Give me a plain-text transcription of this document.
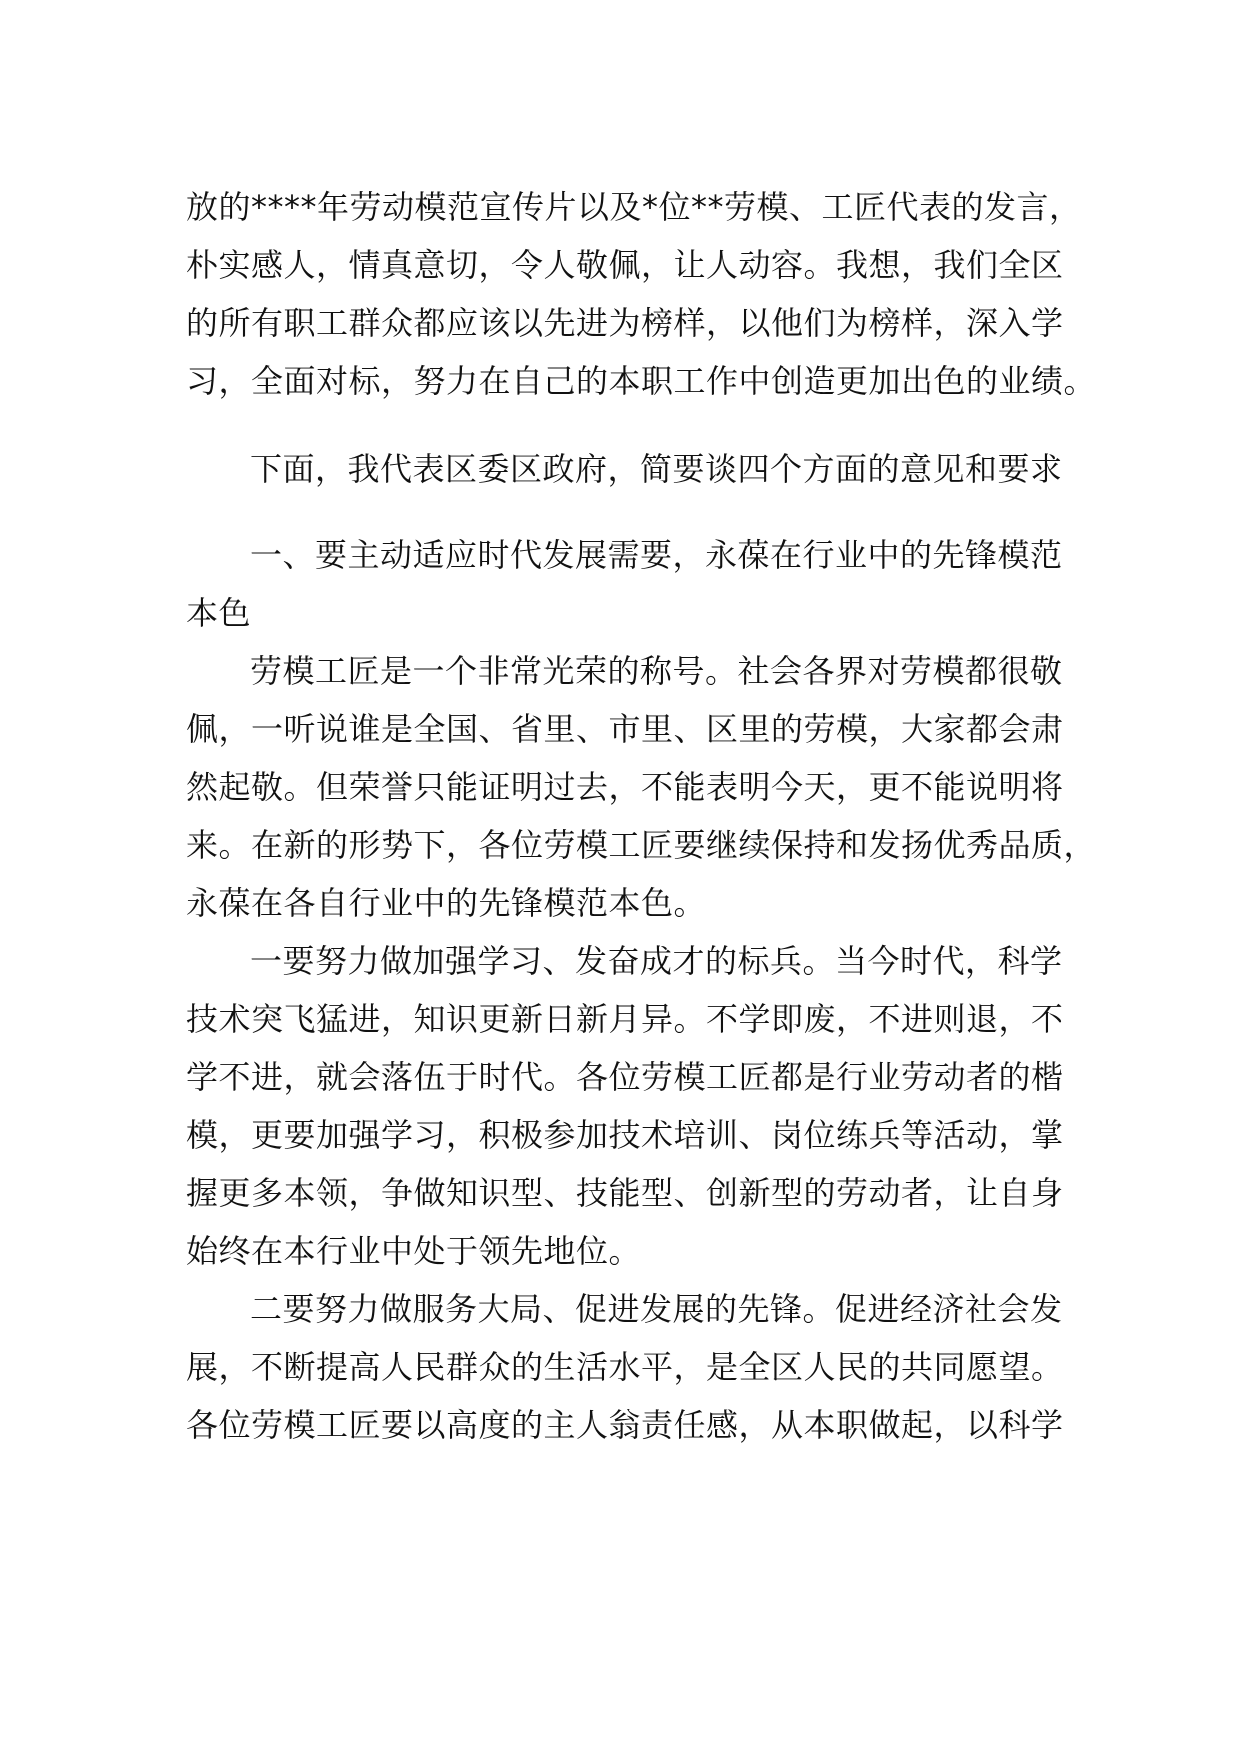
放的****年劳动模范宣传片以及*位**劳模、工匠代表的发言，
朴实感人，情真意切，令人敬佩，让人动容。我想，我们全区
的所有职工群众都应该以先进为榜样，以他们为榜样，深入学
习，全面对标，努力在自己的本职工作中创造更加出色的业绩。
下面，我代表区委区政府，简要谈四个方面的意见和要求
一、要主动适应时代发展需要，永葆在行业中的先锋模范
本色
劳模工匠是一个非常光荣的称号。社会各界对劳模都很敬
佩，一听说谁是全国、省里、市里、区里的劳模，大家都会肃
然起敬。但荣誉只能证明过去，不能表明今天，更不能说明将
来。在新的形势下，各位劳模工匠要继续保持和发扬优秀品质，
永葆在各自行业中的先锋模范本色。
一要努力做加强学习、发奋成才的标兵。当今时代，科学
技术突飞猛进，知识更新日新月异。不学即废，不进则退，不
学不进，就会落伍于时代。各位劳模工匠都是行业劳动者的楷
模，更要加强学习，积极参加技术培训、岗位练兵等活动，掌
握更多本领，争做知识型、技能型、创新型的劳动者，让自身
始终在本行业中处于领先地位。
二要努力做服务大局、促进发展的先锋。促进经济社会发
展，不断提高人民群众的生活水平，是全区人民的共同愿望。
各位劳模工匠要以高度的主人翁责任感，从本职做起，以科学
